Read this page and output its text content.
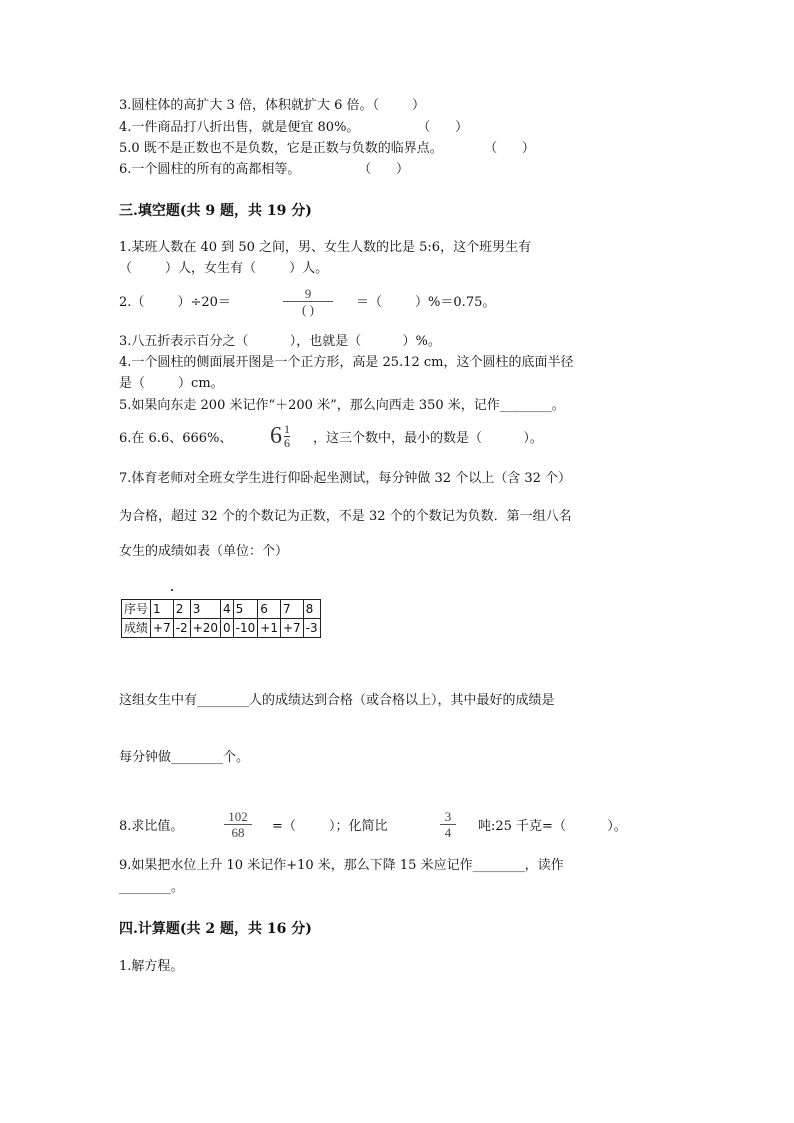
3.圆柱体的高扩大 3 倍，体积就扩大 6 倍。（        ）
4.一件商品打八折出售，就是便宜 80%。              （      ）
5.0 既不是正数也不是负数，它是正数与负数的临界点。          （      ）
6.一个圆柱的所有的高都相等。              （      ）
三.填空题(共 9 题，共 19 分)
1.某班人数在 40 到 50 之间，男、女生人数的比是 5:6，这个班男生有
（        ）人，女生有（        ）人。
2.（        ）÷20＝
9
( )	＝（        ）%＝0.75。
3.八五折表示百分之（          ），也就是（          ）%。
4.一个圆柱的侧面展开图是一个正方形，高是 25.12 cm，这个圆柱的底面半径
是（        ）cm。
5.如果向东走 200 米记作“＋200 米”，那么向西走 350 米，记作________。
6.在 6.6、666%、 6 1
6 ，这三个数中，最小的数是（          ）。
7.体育老师对全班女学生进行仰卧起坐测试，每分钟做 32 个以上（含 32 个）
为合格，超过 32 个的个数记为正数，不是 32 个的个数记为负数．第一组八名
女生的成绩如表（单位：个）
序号	1	2	3	4	5	6	7	8
成绩	+7	-2	+20	0	-10	+1	+7	-3
这组女生中有________人的成绩达到合格（或合格以上），其中最好的成绩是
每分钟做________个。
8.求比值。
102
68 =（        ）；化简比
3
4 吨:25 千克=（          ）。
9.如果把水位上升 10 米记作+10 米，那么下降 15 米应记作________，读作
________。
四.计算题(共 2 题，共 16 分)
1.解方程。
